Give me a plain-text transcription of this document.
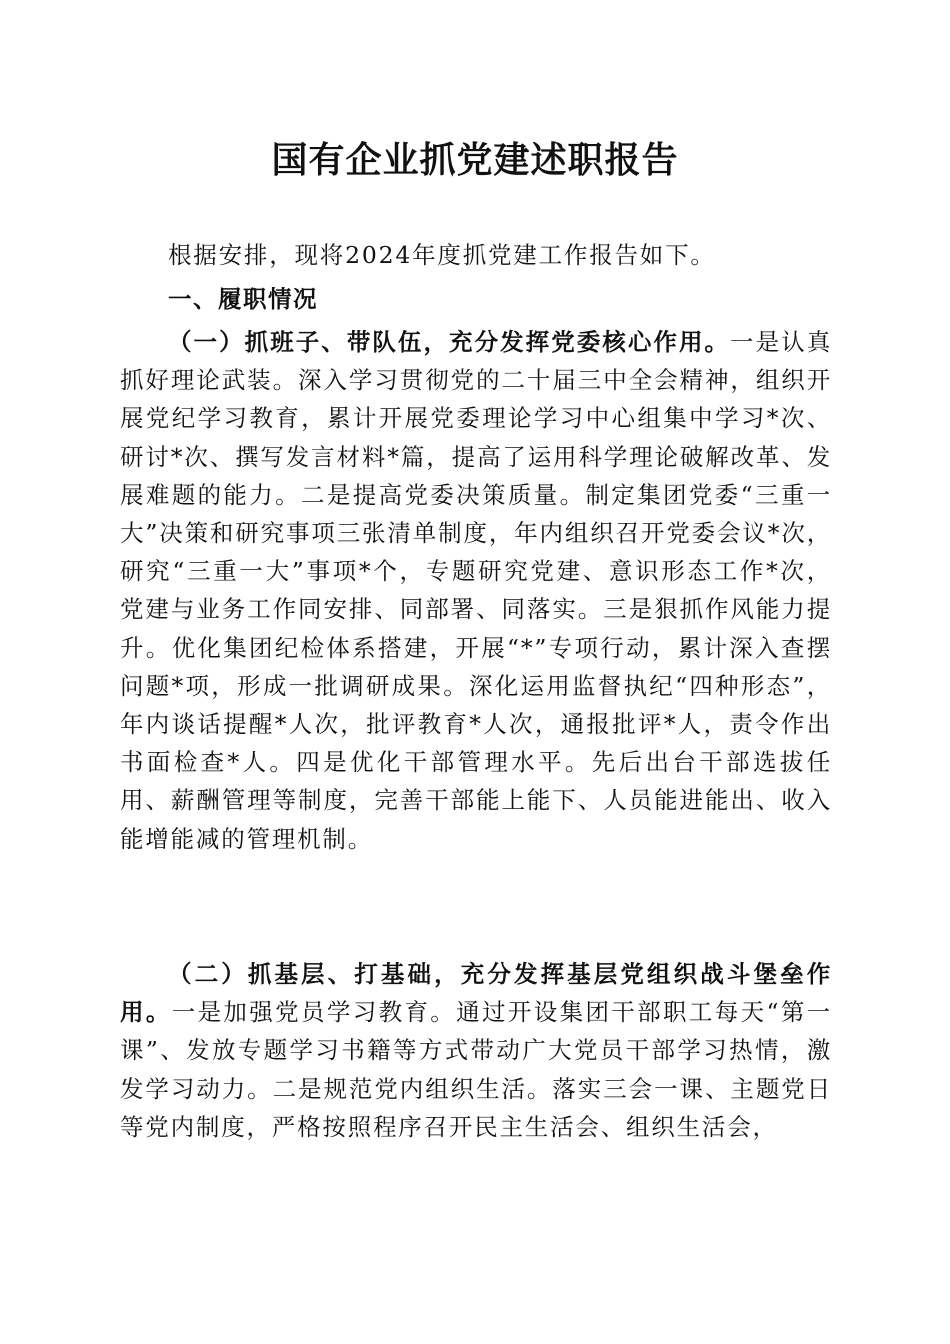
国有企业抓党建述职报告

根据安排，现将2024年度抓党建工作报告如下。

一、履职情况

（一）抓班子、带队伍，充分发挥党委核心作用。一是认真抓好理论武装。深入学习贯彻党的二十届三中全会精神，组织开展党纪学习教育，累计开展党委理论学习中心组集中学习*次、研讨*次、撰写发言材料*篇，提高了运用科学理论破解改革、发展难题的能力。二是提高党委决策质量。制定集团党委“三重一大”决策和研究事项三张清单制度，年内组织召开党委会议*次，研究“三重一大”事项*个，专题研究党建、意识形态工作*次，党建与业务工作同安排、同部署、同落实。三是狠抓作风能力提升。优化集团纪检体系搭建，开展“*”专项行动，累计深入查摆问题*项，形成一批调研成果。深化运用监督执纪“四种形态”，年内谈话提醒*人次，批评教育*人次，通报批评*人，责令作出书面检查*人。四是优化干部管理水平。先后出台干部选拔任用、薪酬管理等制度，完善干部能上能下、人员能进能出、收入能增能减的管理机制。

（二）抓基层、打基础，充分发挥基层党组织战斗堡垒作用。一是加强党员学习教育。通过开设集团干部职工每天“第一课”、发放专题学习书籍等方式带动广大党员干部学习热情，激发学习动力。二是规范党内组织生活。落实三会一课、主题党日等党内制度，严格按照程序召开民主生活会、组织生活会，
